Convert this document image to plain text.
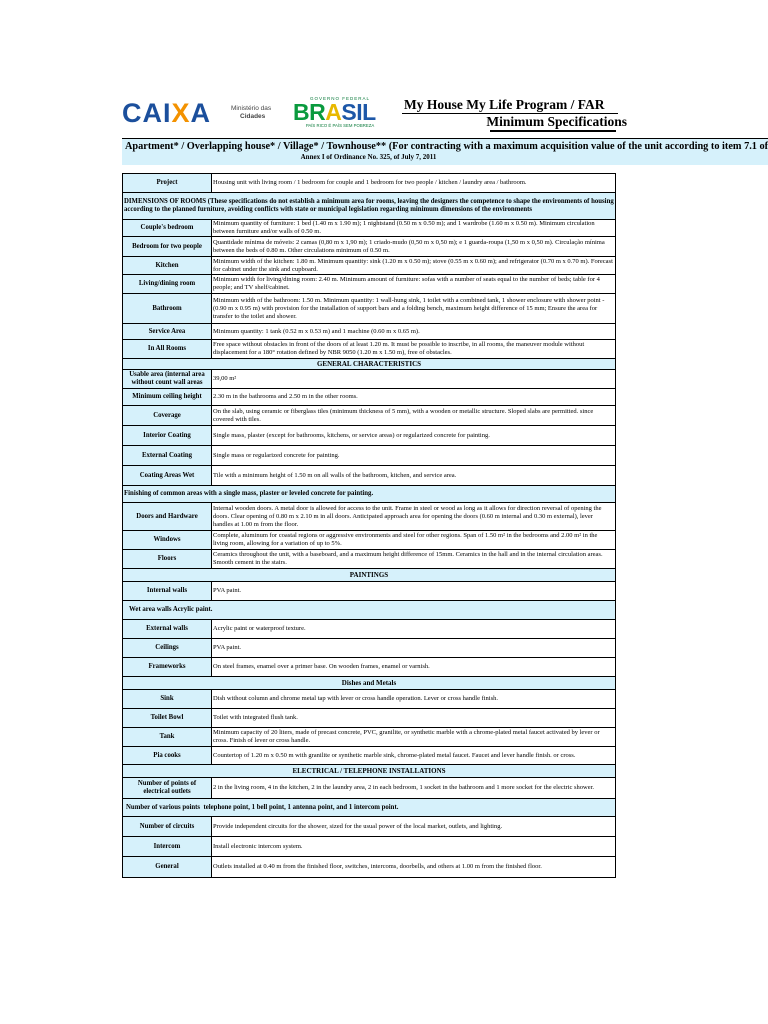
CAIXA	Ministério das
Cidades
GOVERNO FEDERAL
BRASIL
PAÍS RICO É PAÍS SEM POBREZA
My House My Life Program / FAR
Minimum Specifications
Apartment* / Overlapping house* / Village* / Townhouse** (For contracting with a maximum acquisition value of the unit according to item 7.1 of
Annex I of Ordinance No. 325, of July 7, 2011
Project	Housing unit with living room / 1 bedroom for couple and 1 bedroom for two people / kitchen / laundry area / bathroom.

DIMENSIONS OF ROOMS (These specifications do not establish a minimum area for rooms, leaving the designers the competence to shape the environments of housing according to the planned furniture, avoiding conflicts with state or municipal legislation regarding minimum dimensions of the environments	

Couple's bedroom	Minimum quantity of furniture: 1 bed (1.40 m x 1.90 m); 1 nightstand (0.50 m x 0.50 m); and 1 wardrobe (1.60 m x 0.50 m). Minimum circulation between furniture and/or walls of 0.50 m.
Bedroom for two people	Quantidade mínima de móveis: 2 camas (0,80 m x 1,90 m); 1 criado-mudo (0,50 m x 0,50 m); e 1 guarda-roupa (1,50 m x 0,50 m). Circulação mínima between the beds of 0.80 m. Other circulations minimum of 0.50 m.
Kitchen	Minimum width of the kitchen: 1.80 m. Minimum quantity: sink (1.20 m x 0.50 m); stove (0.55 m x 0.60 m); and refrigerator (0.70 m x 0.70 m). Forecast for cabinet under the sink and cupboard.
Living/dining room	Minimum width for living/dining room: 2.40 m. Minimum amount of furniture: sofas with a number of seats equal to the number of beds; table for 4 people; and TV shelf/cabinet.
Bathroom	Minimum width of the bathroom: 1.50 m. Minimum quantity: 1 wall-hung sink, 1 toilet with a combined tank, 1 shower enclosure with shower point - (0.90 m x 0.95 m) with provision for the installation of support bars and a folding bench, maximum height difference of 15 mm; Ensure the area for transfer to the toilet and shower.
Service Area	Minimum quantity: 1 tank (0.52 m x 0.53 m) and 1 machine (0.60 m x 0.65 m).
In All Rooms	Free space without obstacles in front of the doors of at least 1.20 m. It must be possible to inscribe, in all rooms, the maneuver module without displacement for a 180° rotation defined by NBR 9050 (1.20 m x 1.50 m), free of obstacles.
GENERAL CHARACTERISTICS	
Usable area (internal area without count wall areas	39,00 m²
Minimum ceiling height	2.30 m in the bathrooms and 2.50 m in the other rooms.
Coverage	On the slab, using ceramic or fiberglass tiles (minimum thickness of 5 mm), with a wooden or metallic structure. Sloped slabs are permitted. since covered with tiles.
Interior Coating	Single mass, plaster (except for bathrooms, kitchens, or service areas) or regularized concrete for painting.
External Coating	Single mass or regularized concrete for painting.
Coating Areas Wet	Tile with a minimum height of 1.50 m on all walls of the bathroom, kitchen, and service area.
Finishing of common areas with a single mass, plaster or leveled concrete for painting.	
Doors and Hardware	Internal wooden doors. A metal door is allowed for access to the unit. Frame in steel or wood as long as it allows for direction reversal of opening the doors. Clear opening of 0.80 m x 2.10 m in all doors. Anticipated approach area for opening the doors (0.60 m internal and 0.30 m external), lever handles at 1.00 m from the floor.
Windows	Complete, aluminum for coastal regions or aggressive environments and steel for other regions. Span of 1.50 m² in the bedrooms and 2.00 m² in the living room, allowing for a variation of up to 5%.
Floors	Ceramics throughout the unit, with a baseboard, and a maximum height difference of 15mm. Ceramics in the hall and in the internal circulation areas. Smooth cement in the stairs.
PAINTINGS	
Internal walls	PVA paint.
Wet area walls Acrylic paint.	
External walls	Acrylic paint or waterproof texture.
Ceilings	PVA paint.
Frameworks	On steel frames, enamel over a primer base. On wooden frames, enamel or varnish.
Dishes and Metals	
Sink	Dish without column and chrome metal tap with lever or cross handle operation. Lever or cross handle finish.
Toilet Bowl	Toilet with integrated flush tank.
Tank	Minimum capacity of 20 liters, made of precast concrete, PVC, granilite, or synthetic marble with a chrome-plated metal faucet activated by lever or cross. Finish of lever or cross handle.
Pia cooks	Countertop of 1.20 m x 0.50 m with granilite or synthetic marble sink, chrome-plated metal faucet. Faucet and lever handle finish. or cross.
ELECTRICAL / TELEPHONE INSTALLATIONS	
Number of points of electrical outlets	2 in the living room, 4 in the kitchen, 2 in the laundry area, 2 in each bedroom, 1 socket in the bathroom and 1 more socket for the electric shower.
Number of various points  telephone point, 1 bell point, 1 antenna point, and 1 intercom point.	
Number of circuits	Provide independent circuits for the shower, sized for the usual power of the local market, outlets, and lighting.
Intercom	Install electronic intercom system.
General	Outlets installed at 0.40 m from the finished floor, switches, intercoms, doorbells, and others at 1.00 m from the finished floor.
